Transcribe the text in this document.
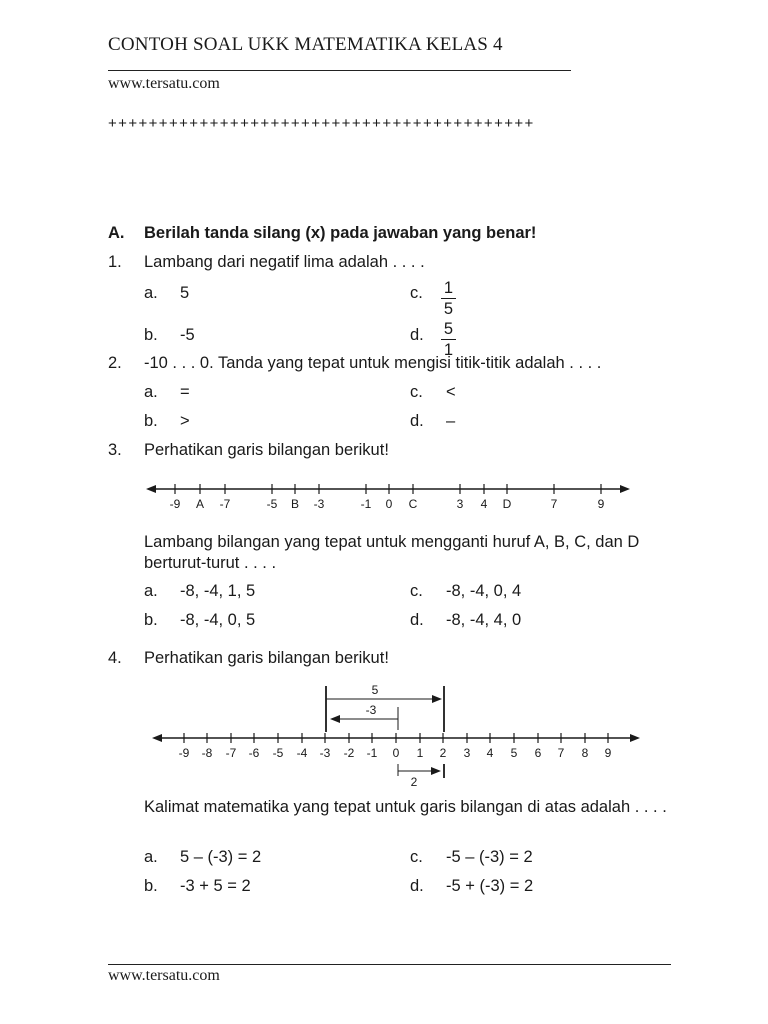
CONTOH SOAL UKK MATEMATIKA KELAS 4
www.tersatu.com
++++++++++++++++++++++++++++++++++++++++++
A. Berilah tanda silang (x) pada jawaban yang benar!
1. Lambang dari negatif lima adalah . . . .
a. 5	c.	1
5
b. -5	d.	5
1
2. -10 . . . 0. Tanda yang tepat untuk mengisi titik-titik adalah . . . .
a. =	c. <
b. >	d. –
3. Perhatikan garis bilangan berikut!
-9 A -7	-5 B -3	-1 0 C	3 4 D	7	9
Lambang bilangan yang tepat untuk mengganti huruf A, B, C, dan D berturut-turut . . . .
a. -8, -4, 1, 5	c. -8, -4, 0, 4
b. -8, -4, 0, 5	d. -8, -4, 4, 0
4. Perhatikan garis bilangan berikut!
5
-3
-9 -8 -7 -6 -5 -4 -3 -2 -1 0 1 2 3 4 5 6 7 8 9
2
Kalimat matematika yang tepat untuk garis bilangan di atas adalah . . . .
a. 5 – (-3) = 2	c. -5 – (-3) = 2
b. -3 + 5 = 2	d. -5 + (-3) = 2
www.tersatu.com
